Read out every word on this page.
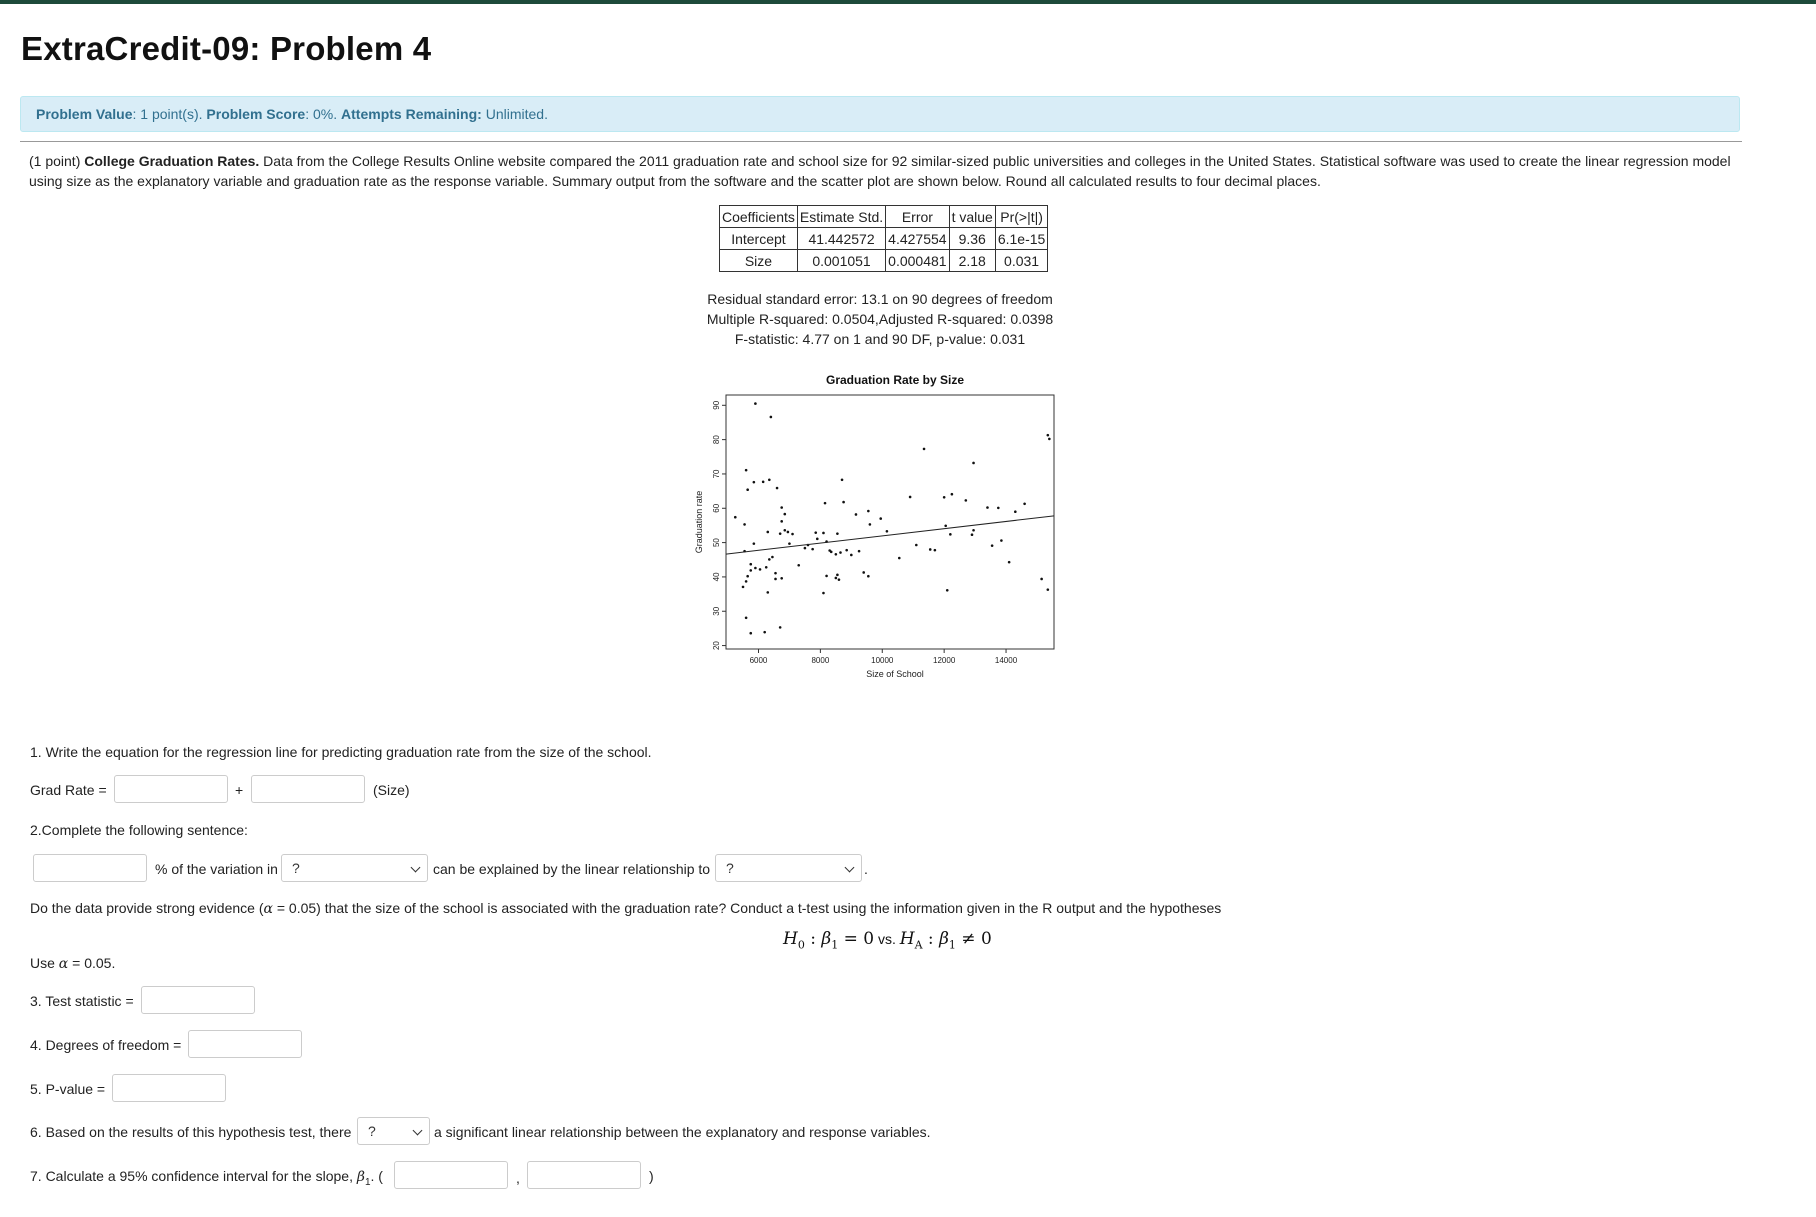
ExtraCredit-09: Problem 4
Problem Value: 1 point(s). Problem Score: 0%. Attempts Remaining: Unlimited.
(1 point) College Graduation Rates. Data from the College Results Online website compared the 2011 graduation rate and school size for 92 similar-sized public universities and colleges in the United States. Statistical software was used to create the linear regression model using size as the explanatory variable and graduation rate as the response variable. Summary output from the software and the scatter plot are shown below. Round all calculated results to four decimal places.
Coefficients	Estimate Std.	Error	t value	Pr(>|t|)
Intercept	41.442572	4.427554	9.36	6.1e-15
Size	0.001051	0.000481	2.18	0.031
Residual standard error: 13.1 on 90 degrees of freedom
Multiple R-squared: 0.0504,Adjusted R-squared: 0.0398
F-statistic: 4.77 on 1 and 90 DF, p-value: 0.031
Graduation Rate by Size
Size of School
Graduation rate
6000	8000	10000	12000	14000
20
30
40
50
60
70
80
90
1. Write the equation for the regression line for predicting graduation rate from the size of the school.
Grad Rate =	+	(Size)
2.Complete the following sentence:
% of the variation in	?	can be explained by the linear relationship to	?	.
Do the data provide strong evidence (α = 0.05) that the size of the school is associated with the graduation rate? Conduct a t-test using the information given in the R output and the hypotheses
$H_0$ : $\beta_1 = 0$ vs. $H_A$ : $\beta_1 \ne 0$
Use α = 0.05.
3. Test statistic =
4. Degrees of freedom =
5. P-value =
6. Based on the results of this hypothesis test, there	?	a significant linear relationship between the explanatory and response variables.
7. Calculate a 95% confidence interval for the slope, $\beta_1$. (	,	)
